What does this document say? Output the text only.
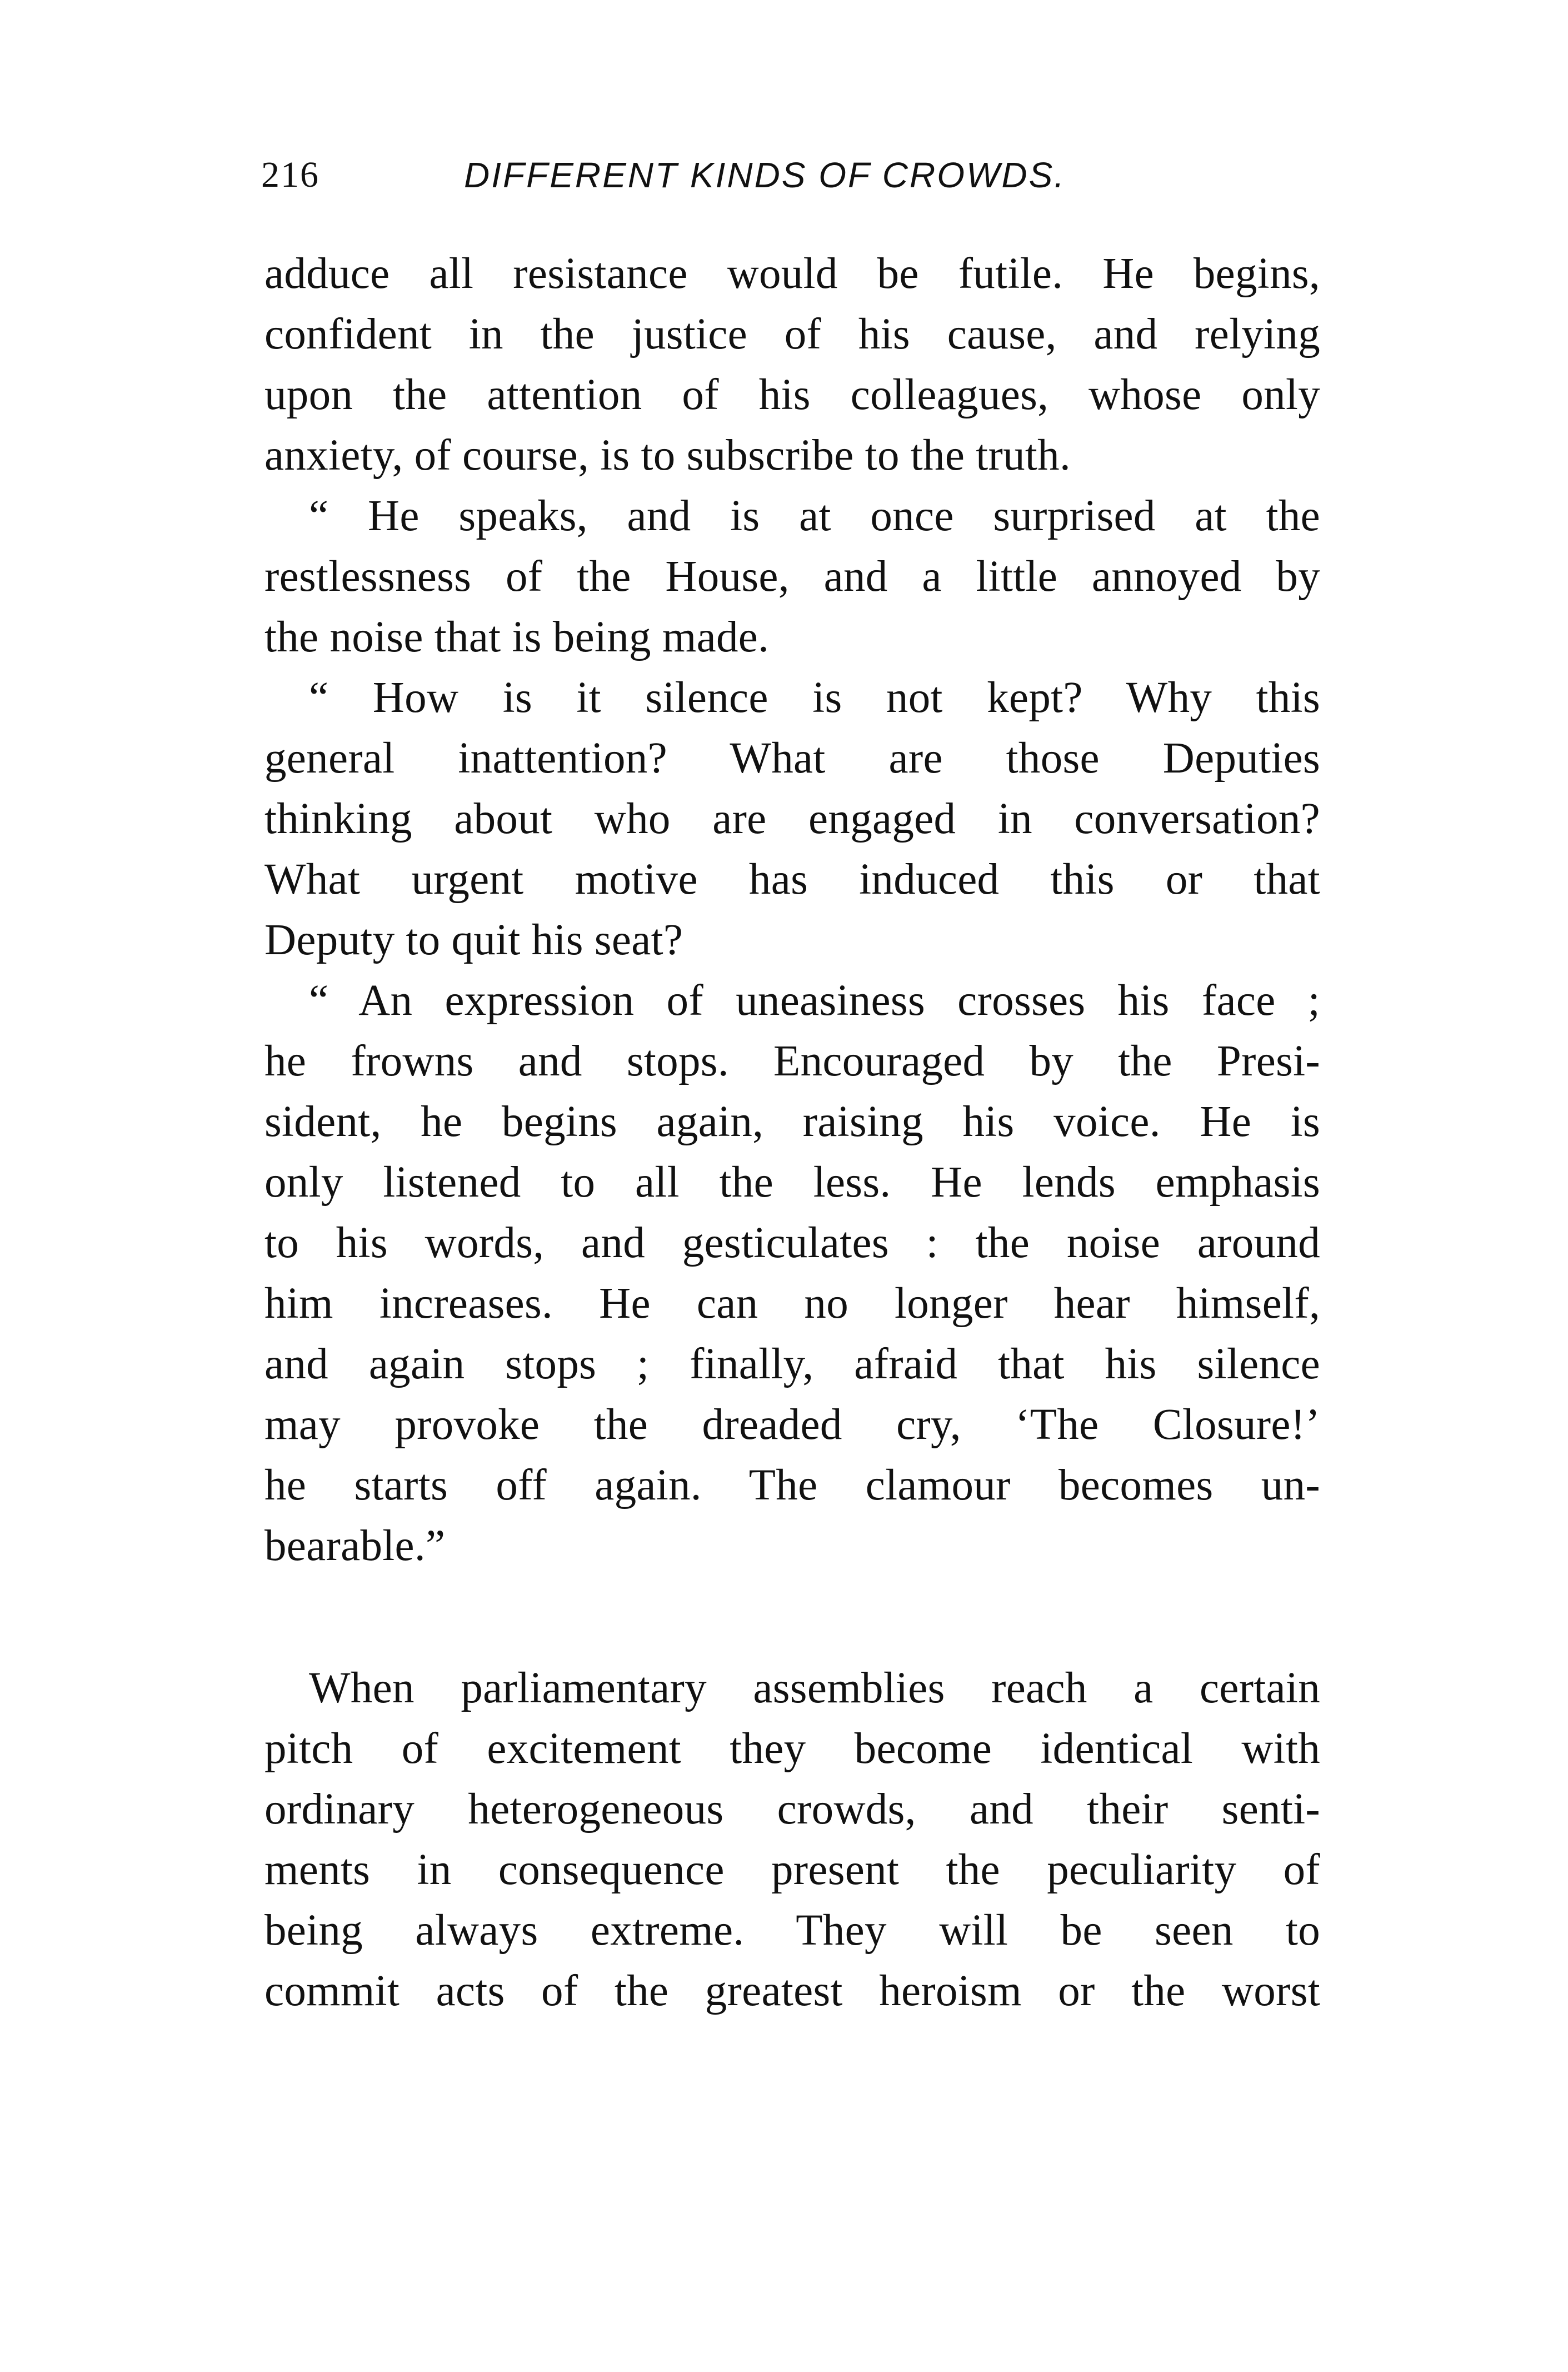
216	DIFFERENT KINDS OF CROWDS.
adduce all resistance would be futile. He begins,
confident in the justice of his cause, and relying
upon the attention of his colleagues, whose only
anxiety, of course, is to subscribe to the truth.
“ He speaks, and is at once surprised at the
restlessness of the House, and a little annoyed by
the noise that is being made.
“ How is it silence is not kept? Why this
general inattention? What are those Deputies
thinking about who are engaged in conversation?
What urgent motive has induced this or that
Deputy to quit his seat?
“ An expression of uneasiness crosses his face ;
he frowns and stops. Encouraged by the Presi-
sident, he begins again, raising his voice. He is
only listened to all the less. He lends emphasis
to his words, and gesticulates : the noise around
him increases. He can no longer hear himself,
and again stops ; finally, afraid that his silence
may provoke the dreaded cry, ‘The Closure!’
he starts off again. The clamour becomes un-
bearable.”
When parliamentary assemblies reach a certain
pitch of excitement they become identical with
ordinary heterogeneous crowds, and their senti-
ments in consequence present the peculiarity of
being always extreme. They will be seen to
commit acts of the greatest heroism or the worst
